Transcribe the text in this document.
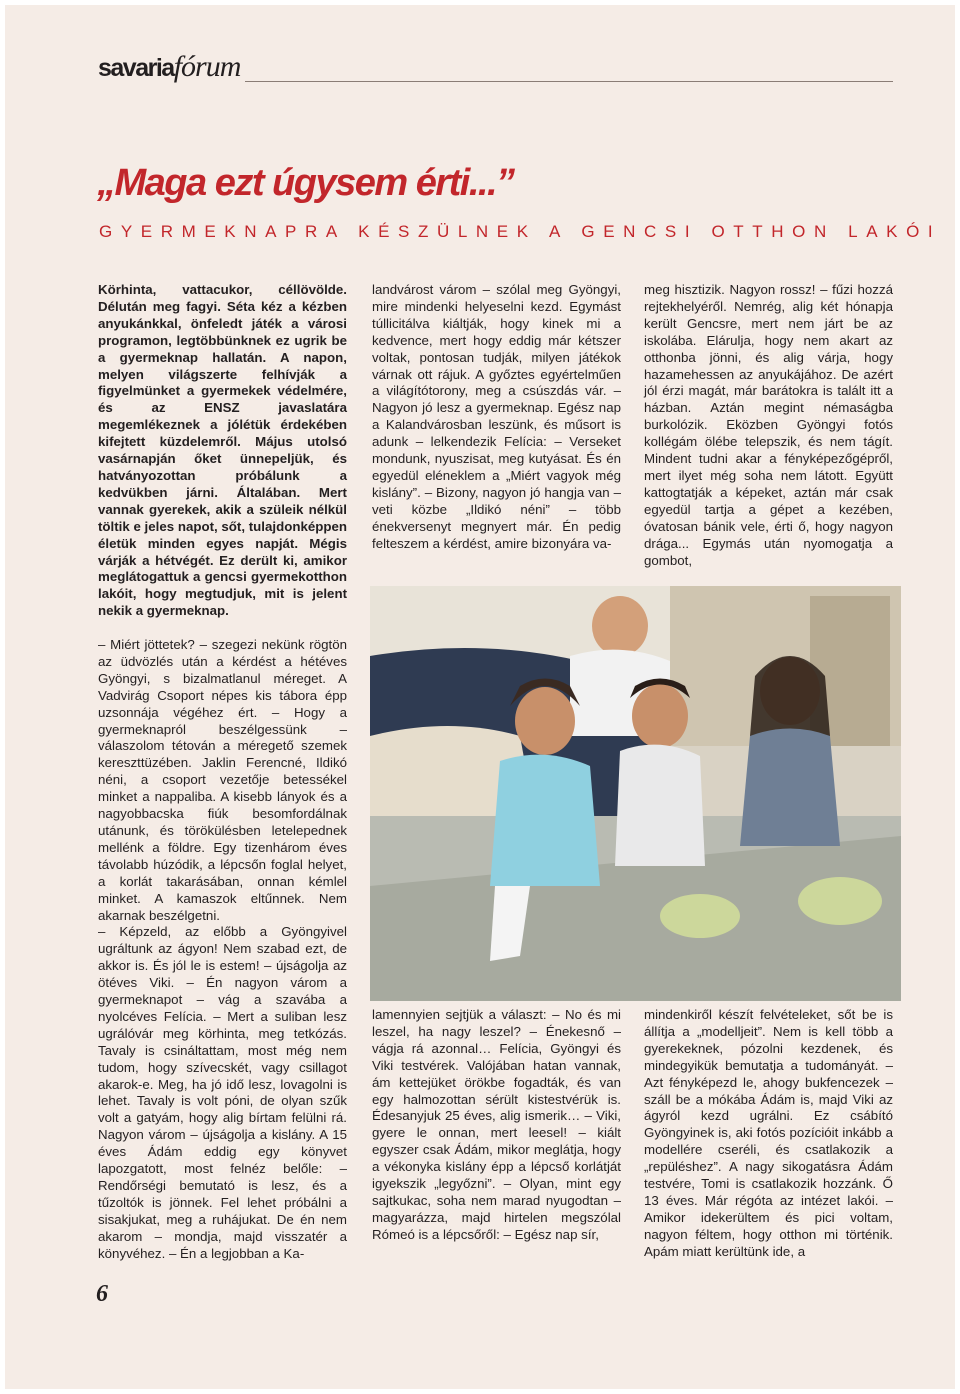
savariafórum
„Maga ezt úgysem érti...”
GYERMEKNAPRA KÉSZÜLNEK A GENCSI OTTHON LAKÓI

Körhinta, vattacukor, céllövölde. Délután meg fagyi. Séta kéz a kézben anyukánkkal, önfeledt játék a városi programon, legtöbbünknek ez ugrik be a gyermeknap hallatán. A napon, melyen világszerte felhívják a figyelmünket a gyermekek védelmére, és az ENSZ javaslatára megemlékeznek a jólétük érdekében kifejtett küzdelemről. Május utolsó vasárnapján őket ünnepeljük, és hatványozottan próbálunk a kedvükben járni. Általában. Mert vannak gyerekek, akik a szüleik nélkül töltik e jeles napot, sőt, tulajdonképpen életük minden egyes napját. Mégis várják a hétvégét. Ez derült ki, amikor meglátogattuk a gencsi gyermekotthon lakóit, hogy megtudjuk, mit is jelent nekik a gyermeknap.

landvárost várom – szólal meg Gyöngyi, mire mindenki helyeselni kezd. Egymást túllicitálva kiáltják, hogy kinek mi a kedvence, mert hogy eddig már kétszer voltak, pontosan tudják, milyen játékok várnak ott rájuk. A győztes egyértelműen a világítótorony, meg a csúszdás vár. – Nagyon jó lesz a gyermeknap. Egész nap a Kalandvárosban leszünk, és műsort is adunk – lelkendezik Felícia: – Verseket mondunk, nyuszisat, meg kutyásat. És én egyedül eléneklem a „Miért vagyok még kislány”. – Bizony, nagyon jó hangja van – veti közbe „Ildikó néni” – több énekversenyt megnyert már. Én pedig felteszem a kérdést, amire bizonyára va-

meg hisztizik. Nagyon rossz! – fűzi hozzá rejtekhelyéről. Nemrég, alig két hónapja került Gencsre, mert nem járt be az iskolába. Elárulja, hogy nem akart az otthonba jönni, és alig várja, hogy hazamehessen az anyukájához. De azért jól érzi magát, már barátokra is talált itt a házban. Aztán megint némaságba burkolózik. Eközben Gyöngyi fotós kollégám ölébe telepszik, és nem tágít. Mindent tudni akar a fényképezőgépről, mert ilyet még soha nem látott. Együtt kattogtatják a képeket, aztán már csak egyedül tartja a gépet a kezében, óvatosan bánik vele, érti ő, hogy nagyon drága... Egymás után nyomogatja a gombot,

– Miért jöttetek? – szegezi nekünk rögtön az üdvözlés után a kérdést a hétéves Gyöngyi, s bizalmatlanul méreget. A Vadvirág Csoport népes kis tábora épp uzsonnája végéhez ért. – Hogy a gyermeknapról beszélgessünk – válaszolom tétován a méregető szemek kereszttüzében. Jaklin Ferencné, Ildikó néni, a csoport vezetője betessékel minket a nappaliba. A kisebb lányok és a nagyobbacska fiúk besomfordálnak utánunk, és törökülésben letelepednek mellénk a földre. Egy tizenhárom éves távolabb húzódik, a lépcsőn foglal helyet, a korlát takarásában, onnan kémlel minket. A kamaszok eltűnnek. Nem akarnak beszélgetni.

– Képzeld, az előbb a Gyöngyivel ugráltunk az ágyon! Nem szabad ezt, de akkor is. És jól le is estem! – újságolja az ötéves Viki. – Én nagyon várom a gyermeknapot – vág a szavába a nyolcéves Felícia. – Mert a suliban lesz ugrálóvár meg körhinta, meg tetkózás. Tavaly is csináltattam, most még nem tudom, hogy szívecskét, vagy csillagot akarok-e. Meg, ha jó idő lesz, lovagolni is lehet. Tavaly is volt póni, de olyan szűk volt a gatyám, hogy alig bírtam felülni rá. Nagyon várom – újságolja a kislány. A 15 éves Ádám eddig egy könyvet lapozgatott, most felnéz belőle: – Rendőrségi bemutató is lesz, és a tűzoltók is jönnek. Fel lehet próbálni a sisakjukat, meg a ruhájukat. De én nem akarom – mondja, majd visszatér a könyvéhez. – Én a legjobban a Ka-

lamennyien sejtjük a választ: – No és mi leszel, ha nagy leszel? – Énekesnő – vágja rá azonnal… Felícia, Gyöngyi és Viki testvérek. Valójában hatan vannak, ám kettejüket örökbe fogadták, és van egy halmozottan sérült kistestvérük is. Édesanyjuk 25 éves, alig ismerik… – Viki, gyere le onnan, mert leesel! – kiált egyszer csak Ádám, mikor meglátja, hogy a vékonyka kislány épp a lépcső korlátját igyekszik „legyőzni”. – Olyan, mint egy sajtkukac, soha nem marad nyugodtan – magyarázza, majd hirtelen megszólal Rómeó is a lépcsőről: – Egész nap sír,

mindenkiről készít felvételeket, sőt be is állítja a „modelljeit”. Nem is kell több a gyerekeknek, pózolni kezdenek, és mindegyikük bemutatja a tudományát. – Azt fényképezd le, ahogy bukfencezek – száll be a mókába Ádám is, majd Viki az ágyról kezd ugrálni. Ez csábító Gyöngyinek is, aki fotós pozícióit inkább a modellére cseréli, és csatlakozik a „repüléshez”. A nagy sikogatásra Ádám testvére, Tomi is csatlakozik hozzánk. Ő 13 éves. Már régóta az intézet lakói. – Amikor idekerültem és pici voltam, nagyon féltem, hogy otthon mi történik. Apám miatt kerültünk ide, a

6
